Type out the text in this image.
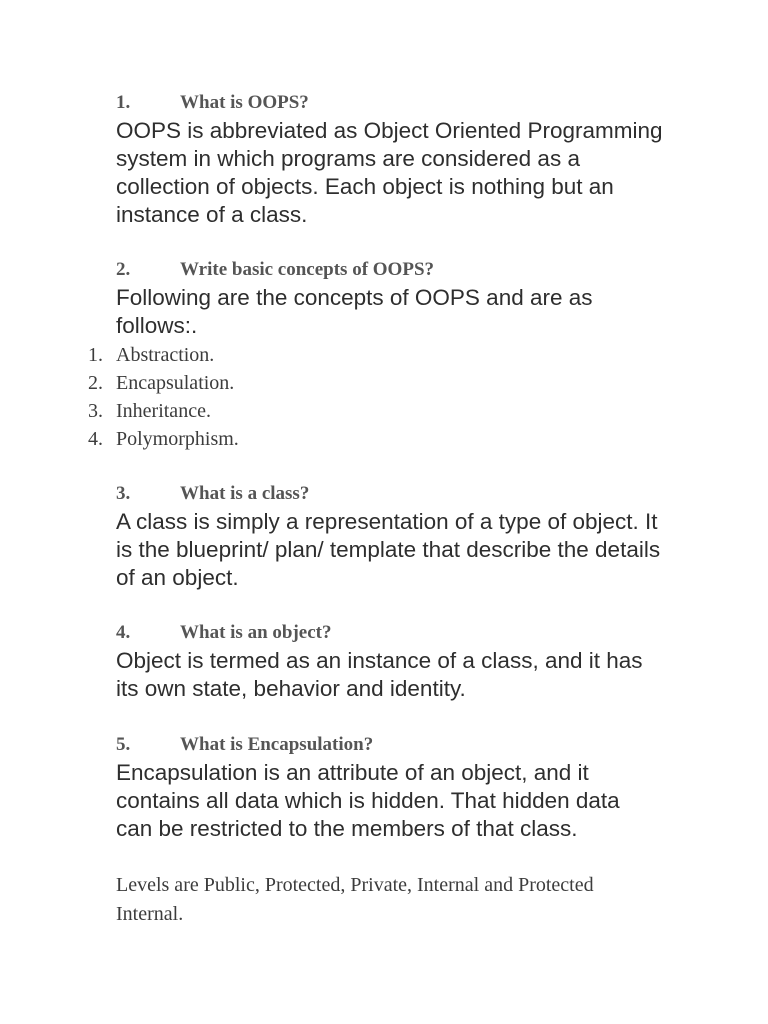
1.	What is OOPS?

OOPS is abbreviated as Object Oriented Programming system in which programs are considered as a collection of objects. Each object is nothing but an instance of a class.

2.	Write basic concepts of OOPS?

Following are the concepts of OOPS and are as follows:.

1. Abstraction.
2. Encapsulation.
3. Inheritance.
4. Polymorphism.
3.	What is a class?

A class is simply a representation of a type of object. It is the blueprint/ plan/ template that describe the details of an object.

4.	What is an object?

Object is termed as an instance of a class, and it has its own state, behavior and identity.

5.	What is Encapsulation?

Encapsulation is an attribute of an object, and it contains all data which is hidden. That hidden data can be restricted to the members of that class.

Levels are Public, Protected, Private, Internal and Protected Internal.
